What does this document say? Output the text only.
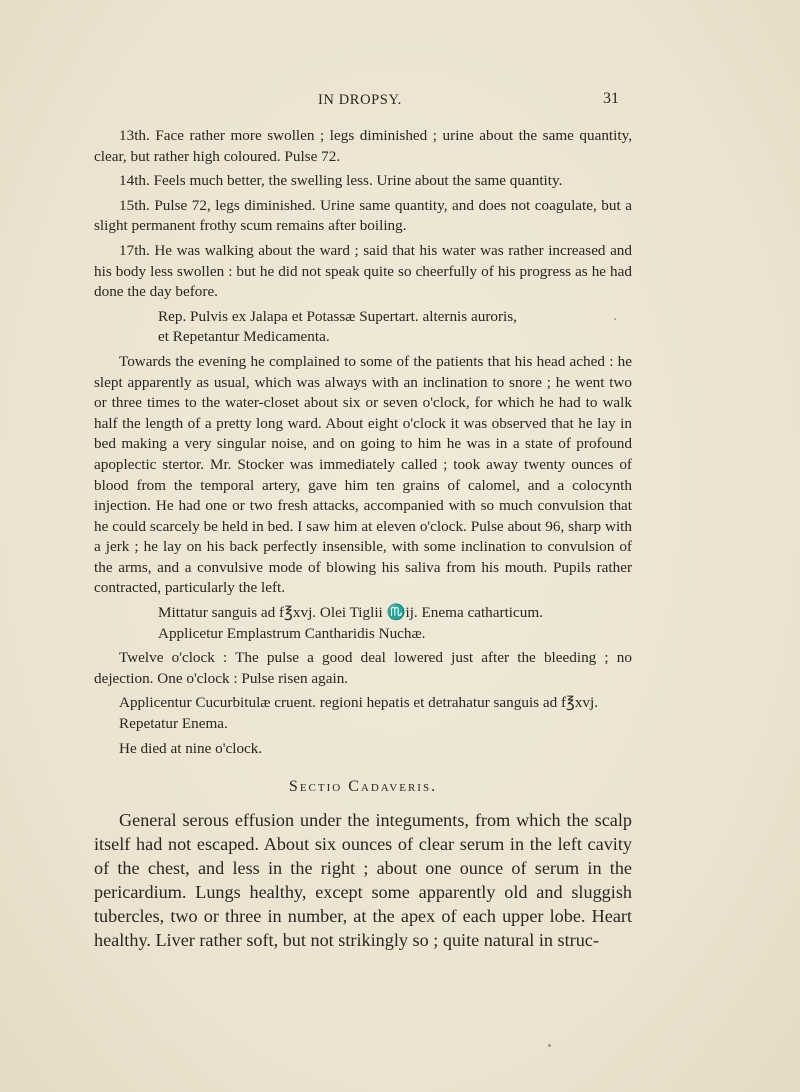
IN DROPSY.	31

13th. Face rather more swollen ; legs diminished ; urine about the same quantity, clear, but rather high coloured. Pulse 72.

14th. Feels much better, the swelling less. Urine about the same quantity.

15th. Pulse 72, legs diminished. Urine same quantity, and does not coagulate, but a slight permanent frothy scum remains after boiling.

17th. He was walking about the ward ; said that his water was rather increased and his body less swollen : but he did not speak quite so cheerfully of his progress as he had done the day before.

Rep. Pulvis ex Jalapa et Potassæ Supertart. alternis auroris,
et Repetantur Medicamenta.

Towards the evening he complained to some of the patients that his head ached : he slept apparently as usual, which was always with an inclination to snore ; he went two or three times to the water-closet about six or seven o'clock, for which he had to walk half the length of a pretty long ward. About eight o'clock it was observed that he lay in bed making a very singular noise, and on going to him he was in a state of profound apoplectic stertor. Mr. Stocker was immediately called ; took away twenty ounces of blood from the temporal artery, gave him ten grains of calomel, and a colocynth injection. He had one or two fresh attacks, accompanied with so much convulsion that he could scarcely be held in bed. I saw him at eleven o'clock. Pulse about 96, sharp with a jerk ; he lay on his back perfectly insensible, with some inclination to convulsion of the arms, and a convulsive mode of blowing his saliva from his mouth. Pupils rather contracted, particularly the left.

Mittatur sanguis ad f℥xvj. Olei Tiglii ♏ij. Enema catharticum.
Applicetur Emplastrum Cantharidis Nuchæ.

Twelve o'clock : The pulse a good deal lowered just after the bleeding ; no dejection. One o'clock : Pulse risen again.

Applicentur Cucurbitulæ cruent. regioni hepatis et detrahatur sanguis ad f℥xvj.
Repetatur Enema.

He died at nine o'clock.

Sectio Cadaveris.

General serous effusion under the integuments, from which the scalp itself had not escaped. About six ounces of clear serum in the left cavity of the chest, and less in the right ; about one ounce of serum in the pericardium. Lungs healthy, except some apparently old and sluggish tubercles, two or three in number, at the apex of each upper lobe. Heart healthy. Liver rather soft, but not strikingly so ; quite natural in struc-
